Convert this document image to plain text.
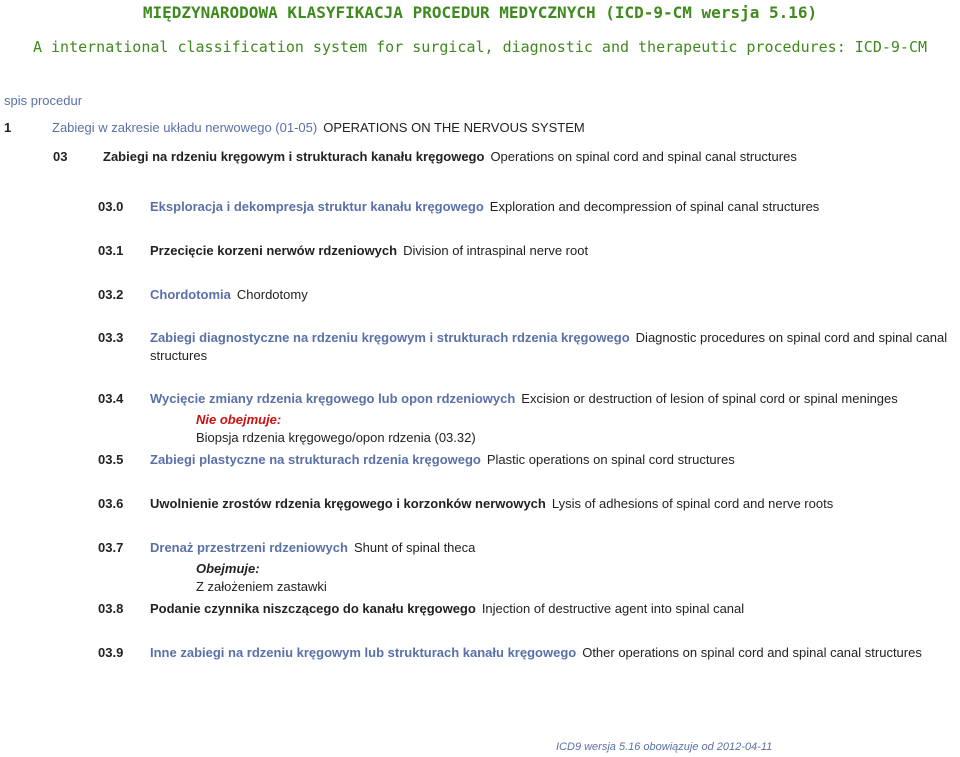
MIĘDZYNARODOWA KLASYFIKACJA PROCEDUR MEDYCZNYCH (ICD-9-CM wersja 5.16)
A international classification system for surgical, diagnostic and therapeutic procedures: ICD-9-CM
spis procedur
1	Zabiegi w zakresie układu nerwowego (01-05) OPERATIONS ON THE NERVOUS SYSTEM
03	Zabiegi na rdzeniu kręgowym i strukturach kanału kręgowego Operations on spinal cord and spinal canal structures
03.0 Eksploracja i dekompresja struktur kanału kręgowego Exploration and decompression of spinal canal structures
03.1 Przecięcie korzeni nerwów rdzeniowych Division of intraspinal nerve root
03.2 Chordotomia Chordotomy
03.3 Zabiegi diagnostyczne na rdzeniu kręgowym i strukturach rdzenia kręgowego Diagnostic procedures on spinal cord and spinal canal structures
03.4 Wycięcie zmiany rdzenia kręgowego lub opon rdzeniowych Excision or destruction of lesion of spinal cord or spinal meninges
Nie obejmuje:
Biopsja rdzenia kręgowego/opon rdzenia (03.32)
03.5 Zabiegi plastyczne na strukturach rdzenia kręgowego Plastic operations on spinal cord structures
03.6 Uwolnienie zrostów rdzenia kręgowego i korzonków nerwowych Lysis of adhesions of spinal cord and nerve roots
03.7 Drenaż przestrzeni rdzeniowych Shunt of spinal theca
Obejmuje:
Z założeniem zastawki
03.8 Podanie czynnika niszczącego do kanału kręgowego Injection of destructive agent into spinal canal
03.9 Inne zabiegi na rdzeniu kręgowym lub strukturach kanału kręgowego Other operations on spinal cord and spinal canal structures
ICD9 wersja 5.16 obowiązuje od 2012-04-11
